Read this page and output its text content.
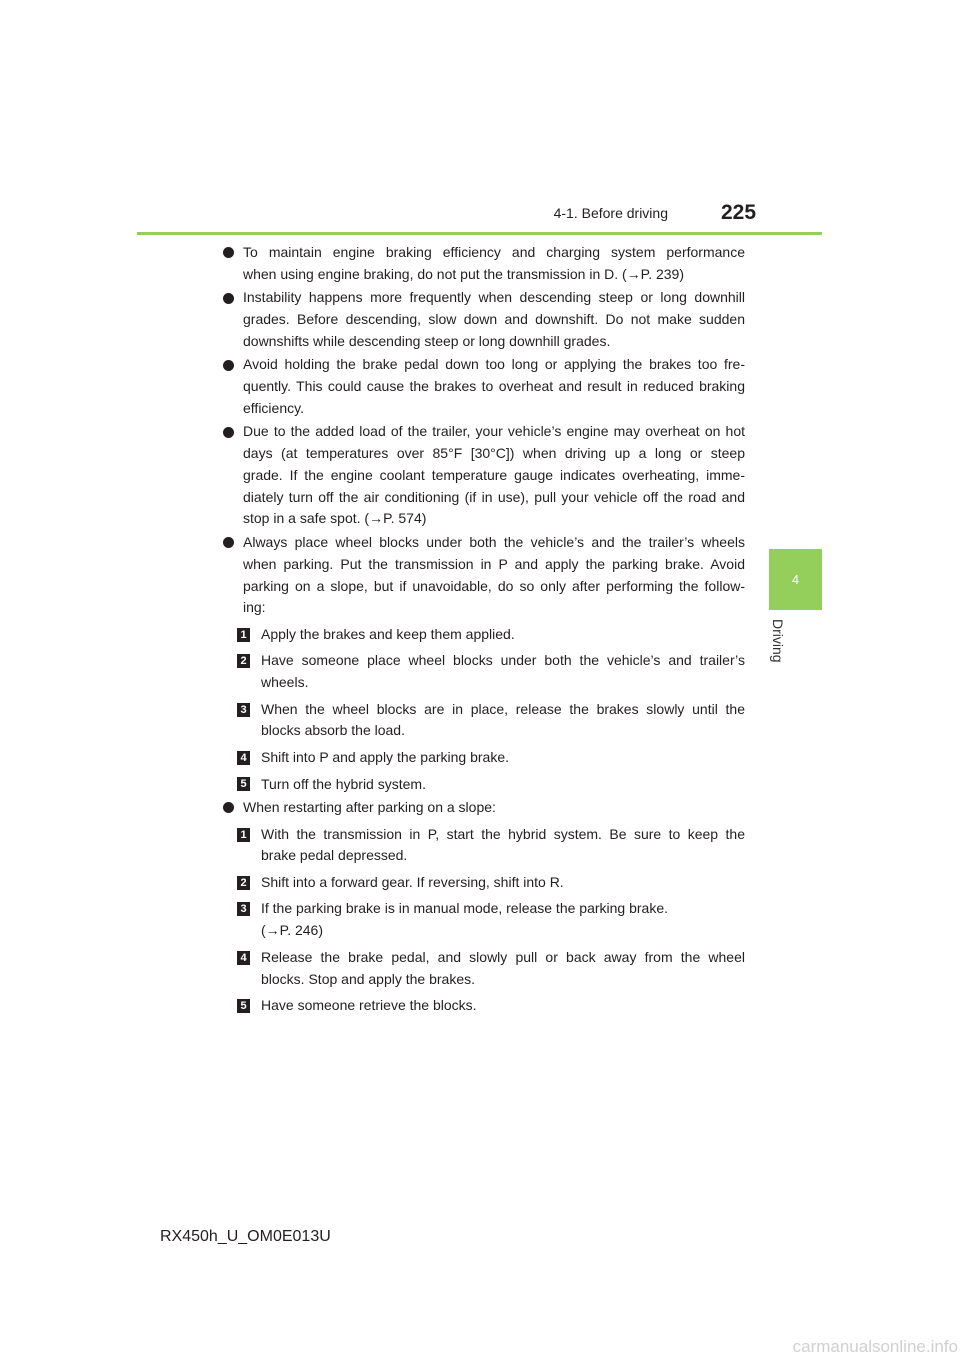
4-1. Before driving	225
4
Driving
To maintain engine braking efficiency and charging system performance
when using engine braking, do not put the transmission in D. (→P. 239)
Instability happens more frequently when descending steep or long downhill
grades. Before descending, slow down and downshift. Do not make sudden
downshifts while descending steep or long downhill grades.
Avoid holding the brake pedal down too long or applying the brakes too fre-
quently. This could cause the brakes to overheat and result in reduced braking
efficiency.
Due to the added load of the trailer, your vehicle’s engine may overheat on hot
days (at temperatures over 85°F [30°C]) when driving up a long or steep
grade. If the engine coolant temperature gauge indicates overheating, imme-
diately turn off the air conditioning (if in use), pull your vehicle off the road and
stop in a safe spot. (→P. 574)
Always place wheel blocks under both the vehicle’s and the trailer’s wheels
when parking. Put the transmission in P and apply the parking brake. Avoid
parking on a slope, but if unavoidable, do so only after performing the follow-
ing:
1 Apply the brakes and keep them applied.
2 Have someone place wheel blocks under both the vehicle’s and trailer’s
wheels.
3 When the wheel blocks are in place, release the brakes slowly until the
blocks absorb the load.
4 Shift into P and apply the parking brake.
5 Turn off the hybrid system.
When restarting after parking on a slope:
1 With the transmission in P, start the hybrid system. Be sure to keep the
brake pedal depressed.
2 Shift into a forward gear. If reversing, shift into R.
3 If the parking brake is in manual mode, release the parking brake.
(→P. 246)
4 Release the brake pedal, and slowly pull or back away from the wheel
blocks. Stop and apply the brakes.
5 Have someone retrieve the blocks.
RX450h_U_OM0E013U
carmanualsonline.info
